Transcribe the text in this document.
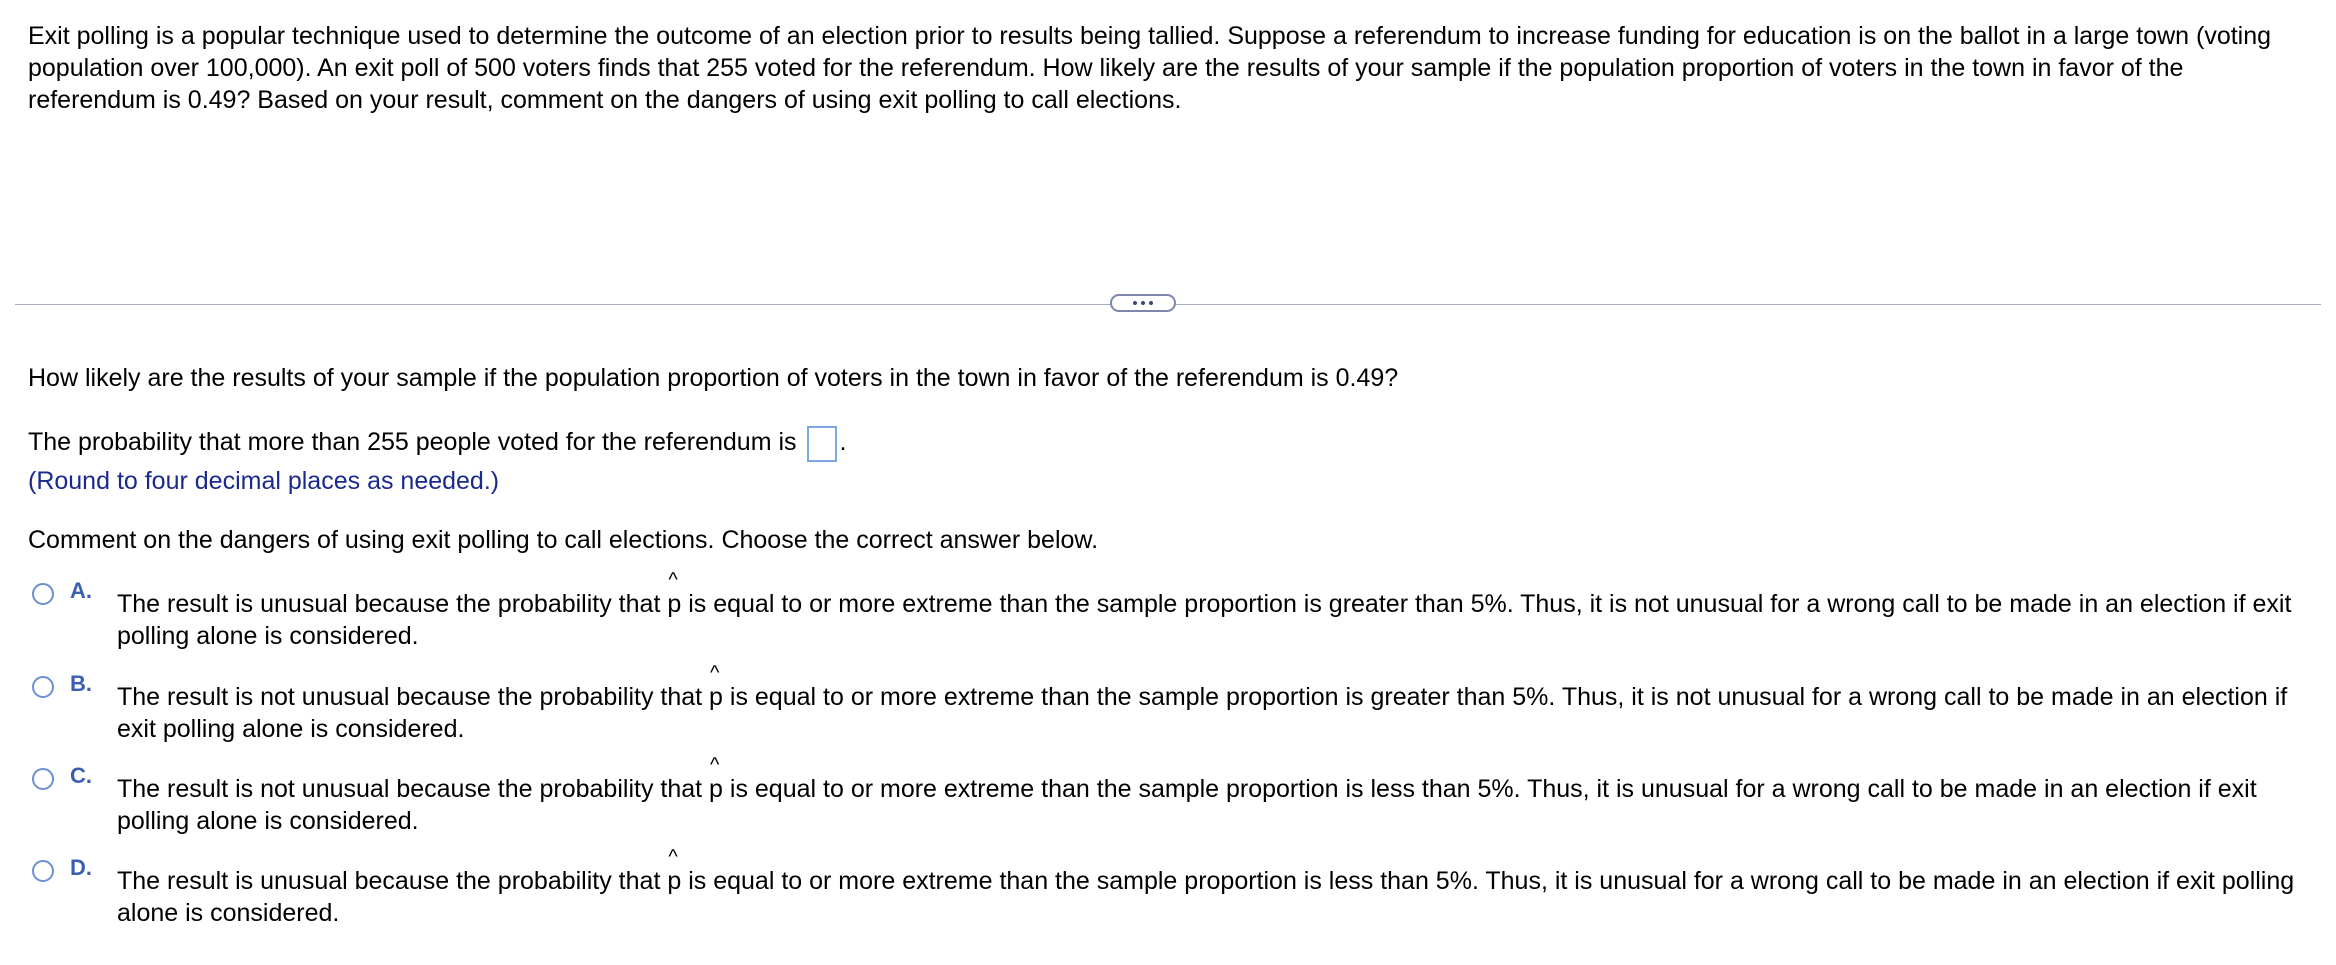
Exit polling is a popular technique used to determine the outcome of an election prior to results being tallied. Suppose a referendum to increase funding for education is on the ballot in a large town (voting population over 100,000). An exit poll of 500 voters finds that 255 voted for the referendum. How likely are the results of your sample if the population proportion of voters in the town in favor of the referendum is 0.49? Based on your result, comment on the dangers of using exit polling to call elections.
How likely are the results of your sample if the population proportion of voters in the town in favor of the referendum is 0.49?
The probability that more than 255 people voted for the referendum is .
(Round to four decimal places as needed.)
Comment on the dangers of using exit polling to call elections. Choose the correct answer below.
A. The result is unusual because the probability that ^ p is equal to or more extreme than the sample proportion is greater than 5%. Thus, it is not unusual for a wrong call to be made in an election if exit polling alone is considered.
B. The result is not unusual because the probability that ^ p is equal to or more extreme than the sample proportion is greater than 5%. Thus, it is not unusual for a wrong call to be made in an election if exit polling alone is considered.
C. The result is not unusual because the probability that ^ p is equal to or more extreme than the sample proportion is less than 5%. Thus, it is unusual for a wrong call to be made in an election if exit polling alone is considered.
D. The result is unusual because the probability that ^ p is equal to or more extreme than the sample proportion is less than 5%. Thus, it is unusual for a wrong call to be made in an election if exit polling alone is considered.
